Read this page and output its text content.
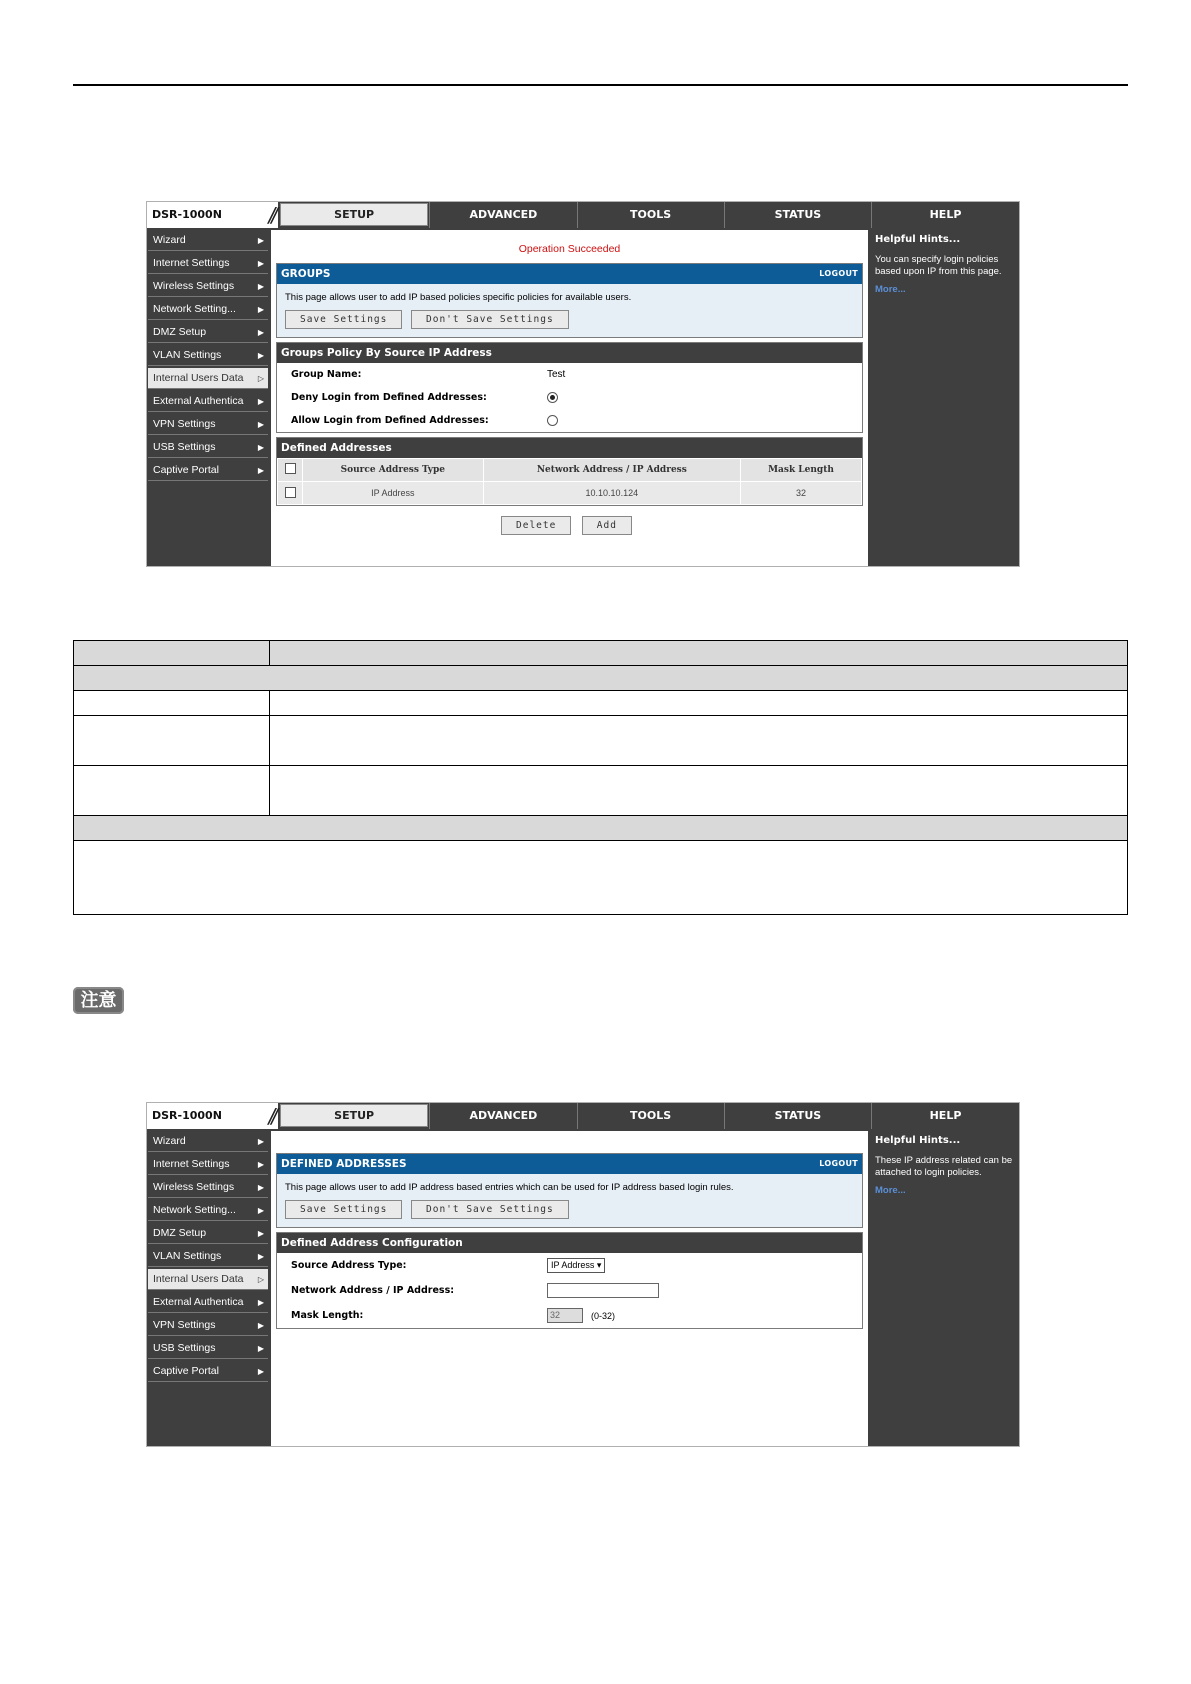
DSR-1000N //	SETUP	ADVANCED	TOOLS	STATUS	HELP
Wizard	▶
Internet Settings	▶
Wireless Settings	▶
Network Setting...	▶
DMZ Setup	▶
VLAN Settings	▶
Internal Users Data ▷
External Authentica ▶
VPN Settings	▶
USB Settings	▶
Captive Portal	▶
Operation Succeeded
GROUPS	LOGOUT
This page allows user to add IP based policies specific policies for available users.
Save Settings	Don't Save Settings
Groups Policy By Source IP Address
Group Name:	Test
Deny Login from Defined Addresses:
Allow Login from Defined Addresses:
Defined Addresses
	Source Address Type	Network Address / IP Address	Mask Length
	IP Address	10.10.10.124	32
Delete	Add
Helpful Hints...
You can specify login policies based upon IP from this page.
More...

注意
DSR-1000N //	SETUP	ADVANCED	TOOLS	STATUS	HELP
Wizard	▶
Internet Settings	▶
Wireless Settings	▶
Network Setting...	▶
DMZ Setup	▶
VLAN Settings	▶
Internal Users Data ▷
External Authentica ▶
VPN Settings	▶
USB Settings	▶
Captive Portal	▶
DEFINED ADDRESSES	LOGOUT
This page allows user to add IP address based entries which can be used for IP address based login rules.
Save Settings	Don't Save Settings
Defined Address Configuration
Source Address Type:	IP Address ▾
Network Address / IP Address:
Mask Length:	32	(0-32)
Helpful Hints...
These IP address related can be attached to login policies.
More...
